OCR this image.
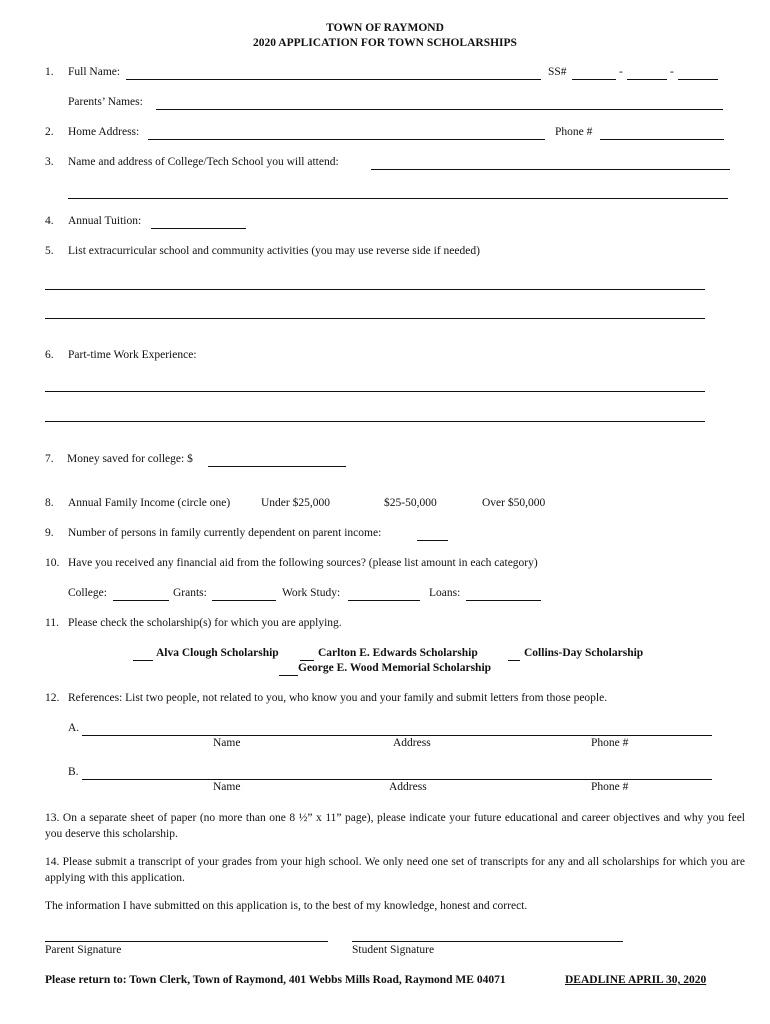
TOWN OF RAYMOND
2020 APPLICATION FOR TOWN SCHOLARSHIPS
1. Full Name:	SS#	-	-
Parents’ Names:
2. Home Address:	Phone #
3. Name and address of College/Tech School you will attend:
4. Annual Tuition:
5. List extracurricular school and community activities (you may use reverse side if needed)
6. Part-time Work Experience:
7. Money saved for college: $
8. Annual Family Income (circle one)	Under $25,000	$25-50,000	Over $50,000
9. Number of persons in family currently dependent on parent income:
10. Have you received any financial aid from the following sources? (please list amount in each category)
College:	Grants:	Work Study:	Loans:
11. Please check the scholarship(s) for which you are applying.
Alva Clough Scholarship	Carlton E. Edwards Scholarship	Collins-Day Scholarship
George E. Wood Memorial Scholarship
12. References: List two people, not related to you, who know you and your family and submit letters from those people.
A.
Name	Address	Phone #
B.
Name	Address	Phone #
13. On a separate sheet of paper (no more than one 8 ½” x 11” page), please indicate your future educational and career objectives and why you feel you deserve this scholarship.
14. Please submit a transcript of your grades from your high school. We only need one set of transcripts for any and all scholarships for which you are applying with this application.
The information I have submitted on this application is, to the best of my knowledge, honest and correct.
Parent Signature	Student Signature
Please return to: Town Clerk, Town of Raymond, 401 Webbs Mills Road, Raymond ME 04071	DEADLINE APRIL 30, 2020
